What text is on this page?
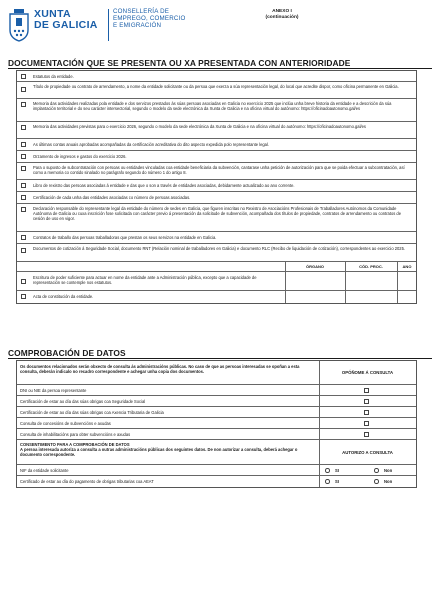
XUNTA
DE GALICIA
CONSELLERÍA DE
EMPREGO, COMERCIO
E EMIGRACIÓN
ANEXO I
(continuación)
DOCUMENTACIÓN QUE SE PRESENTA OU XA PRESENTADA CON ANTERIORIDADE
Estatutos da entidade.
Título de propiedade ou contrato de arrendamento, a nome da entidade solicitante ou da persoa que exerza a súa representación legal, do local que acredite dispor, como oficina permanente en Galicia.
Memoria das actividades realizadas pola entidade e dos servizos prestados ás súas persoas asociadas en Galicia no exercicio 2025 que inclúa unha breve historia da entidade e a descrición da súa implantación territorial e do seu carácter intersectorial, segundo o modelo da sede electrónica da Xunta de Galicia e na oficina virtual do autónomo: https://oficinadoautonomo.gal/es
Memoria das actividades previstas para o exercicio 2026, segundo o modelo da sede electrónica da Xunta de Galicia e na oficina virtual do autónomo: https://oficinadoautonomo.gal/es
As últimas contas anuais aprobadas acompañadas da certificación acreditativa do dito aspecto expedida polo representante legal.
Orzamento de ingresos e gastos do exercicio 2026.
Para o suposto de subcontratación con persoas ou entidades vinculadas coa entidade beneficiaria da subvención, cantarase unha petición de autorización para que se poida efectuar a subcontratación, así como a memoria co contido sinalado no parágrafo segundo do número 1 do artigo 8.
Libro de rexistro das persoas asociadas á entidade e das que o son a través de entidades asociadas, debidamente actualizado ao ano corrente.
Certificación de cada unha das entidades asociadas co número de persoas asociadas.
Declaración responsable do representante legal da entidade do número de sedes en Galicia, que figuren inscritas no Rexistro de Asociacións Profesionais de Traballadores Autónomos da Comunidade Autónoma de Galicia ou cuxa inscrición fose solicitada con carácter previo á presentación da solicitude de subvención, acompañada dos títulos de propiedade, contratos de arrendamento ou contratos de cesión de uso en vigor.
Contratos de traballo das persoas traballadoras que prestan os seus servizos na entidade en Galicia.
Documentos de cotización á Seguridade Social, documento RNT (Relación nominal de traballadores en Galicia) e documento RLC (Recibo de liquidación de cotización), correspondentes ao exercicio 2025.
ÓRGANO	CÓD. PROC.	ANO
Escritura de poder suficiente para actuar en nome da entidade ante a Administración pública, excepto que a capacidade de representación se contemple nos estatutos.
Acta de constitución da entidade.
COMPROBACIÓN DE DATOS
Os documentos relacionados serán obxecto de consulta ás administracións públicas. No caso de que as persoas interesadas se opoñan a esta consulta, deberán indicalo no recadro correspondente e achegar unha copia dos documentos.	OPÓÑOME Á CONSULTA
DNI ou NIE da persoa representante
Certificación de estar ao día das súas obrigas coa Seguridade Social
Certificación de estar ao día das súas obrigas coa Axencia Tributaria de Galicia
Consulta de concesións de subvencións e axudas
Consulta de inhabilitacións para obter subvencións e axudas
CONSENTIMENTO PARA A COMPROBACIÓN DE DATOS
A persoa interesada autoriza a consulta a outras administracións públicas dos seguintes datos. De non autorizar a consulta, deberá achegar o documento correspondente.	AUTORIZO A CONSULTA
NIF da entidade solicitante	SI	Non
Certificado de estar ao día do pagamento de obrigas tributarias coa AEAT	SI	Non
